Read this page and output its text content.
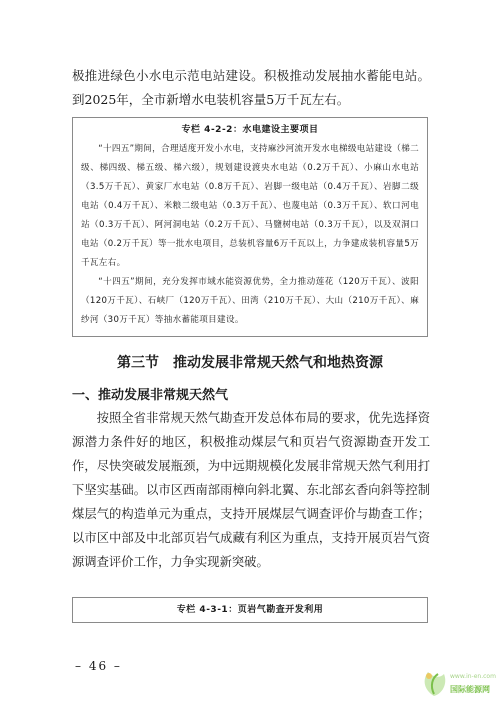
极推进绿色小水电示范电站建设。积极推动发展抽水蓄能电站。到2025年，全市新增水电装机容量5万千瓦左右。

专栏 4-2-2：水电建设主要项目

“十四五”期间，合理适度开发小水电，支持麻沙河流开发水电梯级电站建设（梯二级、梯四级、梯五级、梯六级），规划建设渡央水电站（0.2万千瓦）、小麻山水电站（3.5万千瓦）、黄家厂水电站（0.8万千瓦）、岩脚一级电站（0.4万千瓦）、岩脚二级电站（0.4万千瓦）、米粮二级电站（0.3万千瓦）、也蔑电站（0.3万千瓦）、软口河电站（0.3万千瓦）、阿河洞电站（0.2万千瓦）、马鹽树电站（0.3万千瓦），以及双洞口电站（0.2万千瓦）等一批水电项目，总装机容量6万千瓦以上，力争建成装机容量5万千瓦左右。

“十四五”期间，充分发挥市域水能资源优势，全力推动莲花（120万千瓦）、波阳（120万千瓦）、石峡厂（120万千瓦）、田湾（210万千瓦）、大山（210万千瓦）、麻纱河（30万千瓦）等抽水蓄能项目建设。

第三节　推动发展非常规天然气和地热资源
一、推动发展非常规天然气

按照全省非常规天然气勘查开发总体布局的要求，优先选择资源潜力条件好的地区，积极推动煤层气和页岩气资源勘查开发工作，尽快突破发展瓶颈，为中远期规模化发展非常规天然气利用打下坚实基础。以市区西南部雨樟向斜北翼、东北部玄香向斜等控制煤层气的构造单元为重点，支持开展煤层气调查评价与勘查工作；以市区中部及中北部页岩气成藏有利区为重点，支持开展页岩气资源调查评价工作，力争实现新突破。

专栏 4-3-1：页岩气勘查开发利用

– 46 –
www.in-en.com
国际能源网
